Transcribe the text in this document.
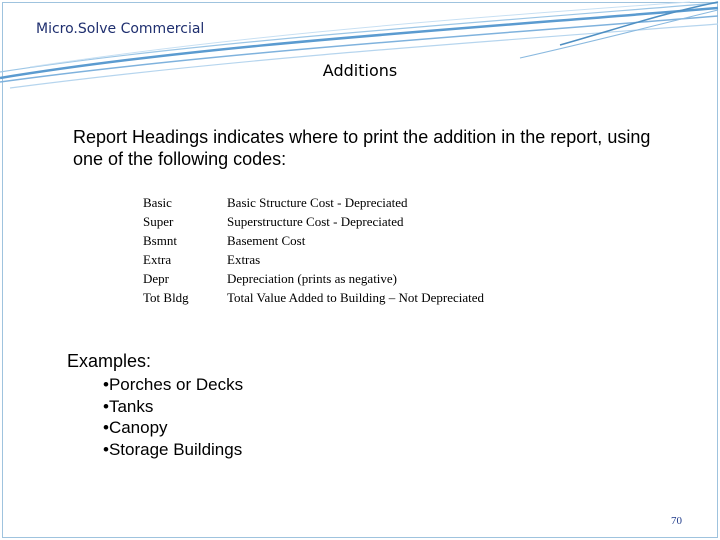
Micro.Solve Commercial
Additions
Report Headings indicates where to print the addition in the report, using one of the following codes:
Basic	Basic Structure Cost - Depreciated
Super	Superstructure Cost - Depreciated
Bsmnt	Basement Cost
Extra	Extras
Depr	Depreciation (prints as negative)
Tot Bldg	Total Value Added to Building – Not Depreciated
Examples:
•Porches or Decks
•Tanks
•Canopy
•Storage Buildings
70
